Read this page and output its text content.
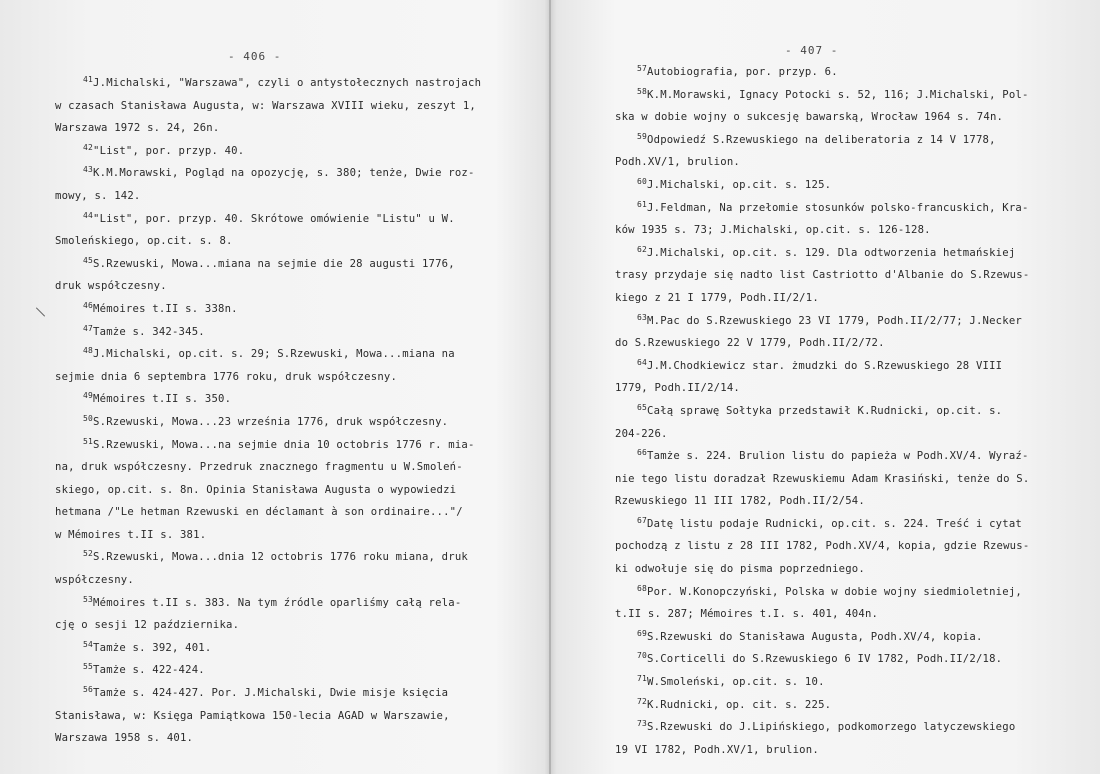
- 406 -
$^{41}$J.Michalski, "Warszawa", czyli o antystołecznych nastrojach
w czasach Stanisława Augusta, w: Warszawa XVIII wieku, zeszyt 1,
Warszawa 1972 s. 24, 26n.
$^{42}$"List", por. przyp. 40.
$^{43}$K.M.Morawski, Pogląd na opozycję, s. 380; tenże, Dwie roz-
mowy, s. 142.
$^{44}$"List", por. przyp. 40. Skrótowe omówienie "Listu" u W.
Smoleńskiego, op.cit. s. 8.
$^{45}$S.Rzewuski, Mowa...miana na sejmie die 28 augusti 1776,
druk współczesny.
$^{46}$Mémoires t.II s. 338n.
$^{47}$Tamże s. 342-345.
$^{48}$J.Michalski, op.cit. s. 29; S.Rzewuski, Mowa...miana na
sejmie dnia 6 septembra 1776 roku, druk współczesny.
$^{49}$Mémoires t.II s. 350.
$^{50}$S.Rzewuski, Mowa...23 września 1776, druk współczesny.
$^{51}$S.Rzewuski, Mowa...na sejmie dnia 10 octobris 1776 r. mia-
na, druk współczesny. Przedruk znacznego fragmentu u W.Smoleń-
skiego, op.cit. s. 8n. Opinia Stanisława Augusta o wypowiedzi
hetmana /"Le hetman Rzewuski en déclamant à son ordinaire..."/
w Mémoires t.II s. 381.
$^{52}$S.Rzewuski, Mowa...dnia 12 octobris 1776 roku miana, druk
współczesny.
$^{53}$Mémoires t.II s. 383. Na tym źródle oparliśmy całą rela-
cję o sesji 12 października.
$^{54}$Tamże s. 392, 401.
$^{55}$Tamże s. 422-424.
$^{56}$Tamże s. 424-427. Por. J.Michalski, Dwie misje księcia
Stanisława, w: Księga Pamiątkowa 150-lecia AGAD w Warszawie,
Warszawa 1958 s. 401.
- 407 -
$^{57}$Autobiografia, por. przyp. 6.
$^{58}$K.M.Morawski, Ignacy Potocki s. 52, 116; J.Michalski, Pol-
ska w dobie wojny o sukcesję bawarską, Wrocław 1964 s. 74n.
$^{59}$Odpowiedź S.Rzewuskiego na deliberatoria z 14 V 1778,
Podh.XV/1, brulion.
$^{60}$J.Michalski, op.cit. s. 125.
$^{61}$J.Feldman, Na przełomie stosunków polsko-francuskich, Kra-
ków 1935 s. 73; J.Michalski, op.cit. s. 126-128.
$^{62}$J.Michalski, op.cit. s. 129. Dla odtworzenia hetmańskiej
trasy przydaje się nadto list Castriotto d'Albanie do S.Rzewus-
kiego z 21 I 1779, Podh.II/2/1.
$^{63}$M.Pac do S.Rzewuskiego 23 VI 1779, Podh.II/2/77; J.Necker
do S.Rzewuskiego 22 V 1779, Podh.II/2/72.
$^{64}$J.M.Chodkiewicz star. żmudzki do S.Rzewuskiego 28 VIII
1779, Podh.II/2/14.
$^{65}$Całą sprawę Sołtyka przedstawił K.Rudnicki, op.cit. s.
204-226.
$^{66}$Tamże s. 224. Brulion listu do papieża w Podh.XV/4. Wyraź-
nie tego listu doradzał Rzewuskiemu Adam Krasiński, tenże do S.
Rzewuskiego 11 III 1782, Podh.II/2/54.
$^{67}$Datę listu podaje Rudnicki, op.cit. s. 224. Treść i cytat
pochodzą z listu z 28 III 1782, Podh.XV/4, kopia, gdzie Rzewus-
ki odwołuje się do pisma poprzedniego.
$^{68}$Por. W.Konopczyński, Polska w dobie wojny siedmioletniej,
t.II s. 287; Mémoires t.I. s. 401, 404n.
$^{69}$S.Rzewuski do Stanisława Augusta, Podh.XV/4, kopia.
$^{70}$S.Corticelli do S.Rzewuskiego 6 IV 1782, Podh.II/2/18.
$^{71}$W.Smoleński, op.cit. s. 10.
$^{72}$K.Rudnicki, op. cit. s. 225.
$^{73}$S.Rzewuski do J.Lipińskiego, podkomorzego latyczewskiego
19 VI 1782, Podh.XV/1, brulion.
